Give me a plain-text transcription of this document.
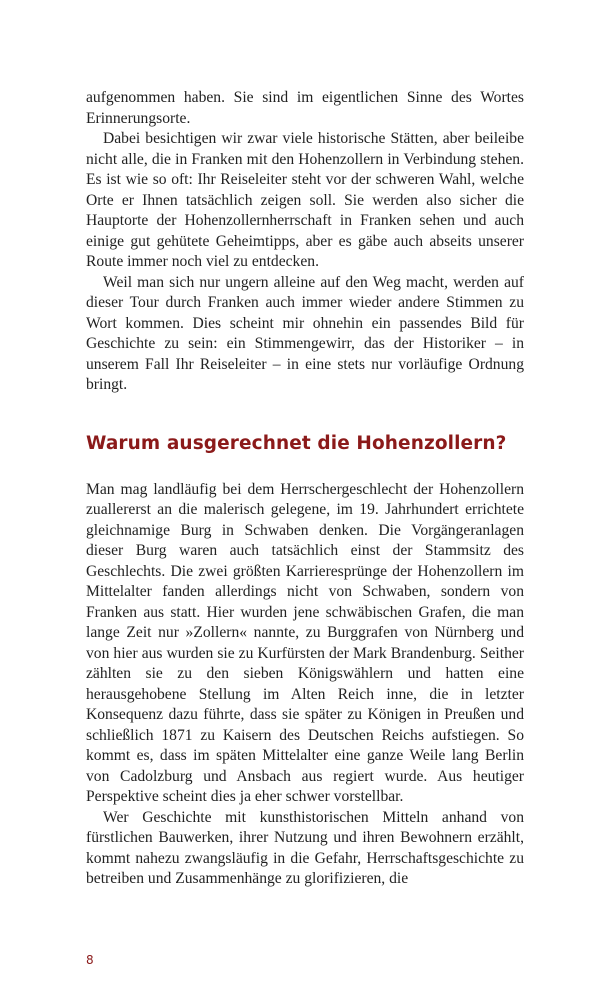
aufgenommen haben. Sie sind im eigentlichen Sinne des Wortes Erinnerungsorte.

Dabei besichtigen wir zwar viele historische Stätten, aber beileibe nicht alle, die in Franken mit den Hohenzollern in Verbindung stehen. Es ist wie so oft: Ihr Reiseleiter steht vor der schweren Wahl, welche Orte er Ihnen tatsächlich zeigen soll. Sie werden also sicher die Hauptorte der Hohenzollernherrschaft in Franken sehen und auch einige gut gehütete Geheimtipps, aber es gäbe auch abseits unserer Route immer noch viel zu entdecken.

Weil man sich nur ungern alleine auf den Weg macht, werden auf dieser Tour durch Franken auch immer wieder andere Stimmen zu Wort kommen. Dies scheint mir ohnehin ein passendes Bild für Geschichte zu sein: ein Stimmengewirr, das der Historiker – in unserem Fall Ihr Reiseleiter – in eine stets nur vorläufige Ordnung bringt.

Warum ausgerechnet die Hohenzollern?

Man mag landläufig bei dem Herrschergeschlecht der Hohenzollern zuallererst an die malerisch gelegene, im 19. Jahrhundert errichtete gleichnamige Burg in Schwaben denken. Die Vorgängeranlagen dieser Burg waren auch tatsächlich einst der Stammsitz des Geschlechts. Die zwei größten Karrieresprünge der Hohenzollern im Mittelalter fanden allerdings nicht von Schwaben, sondern von Franken aus statt. Hier wurden jene schwäbischen Grafen, die man lange Zeit nur »Zollern« nannte, zu Burggrafen von Nürnberg und von hier aus wurden sie zu Kurfürsten der Mark Brandenburg. Seither zählten sie zu den sieben Königswählern und hatten eine herausgehobene Stellung im Alten Reich inne, die in letzter Konsequenz dazu führte, dass sie später zu Königen in Preußen und schließlich 1871 zu Kaisern des Deutschen Reichs aufstiegen. So kommt es, dass im späten Mittelalter eine ganze Weile lang Berlin von Cadolzburg und Ansbach aus regiert wurde. Aus heutiger Perspektive scheint dies ja eher schwer vorstellbar.

Wer Geschichte mit kunsthistorischen Mitteln anhand von fürstlichen Bauwerken, ihrer Nutzung und ihren Bewohnern erzählt, kommt nahezu zwangsläufig in die Gefahr, Herrschaftsgeschichte zu betreiben und Zusammenhänge zu glorifizieren, die

8
